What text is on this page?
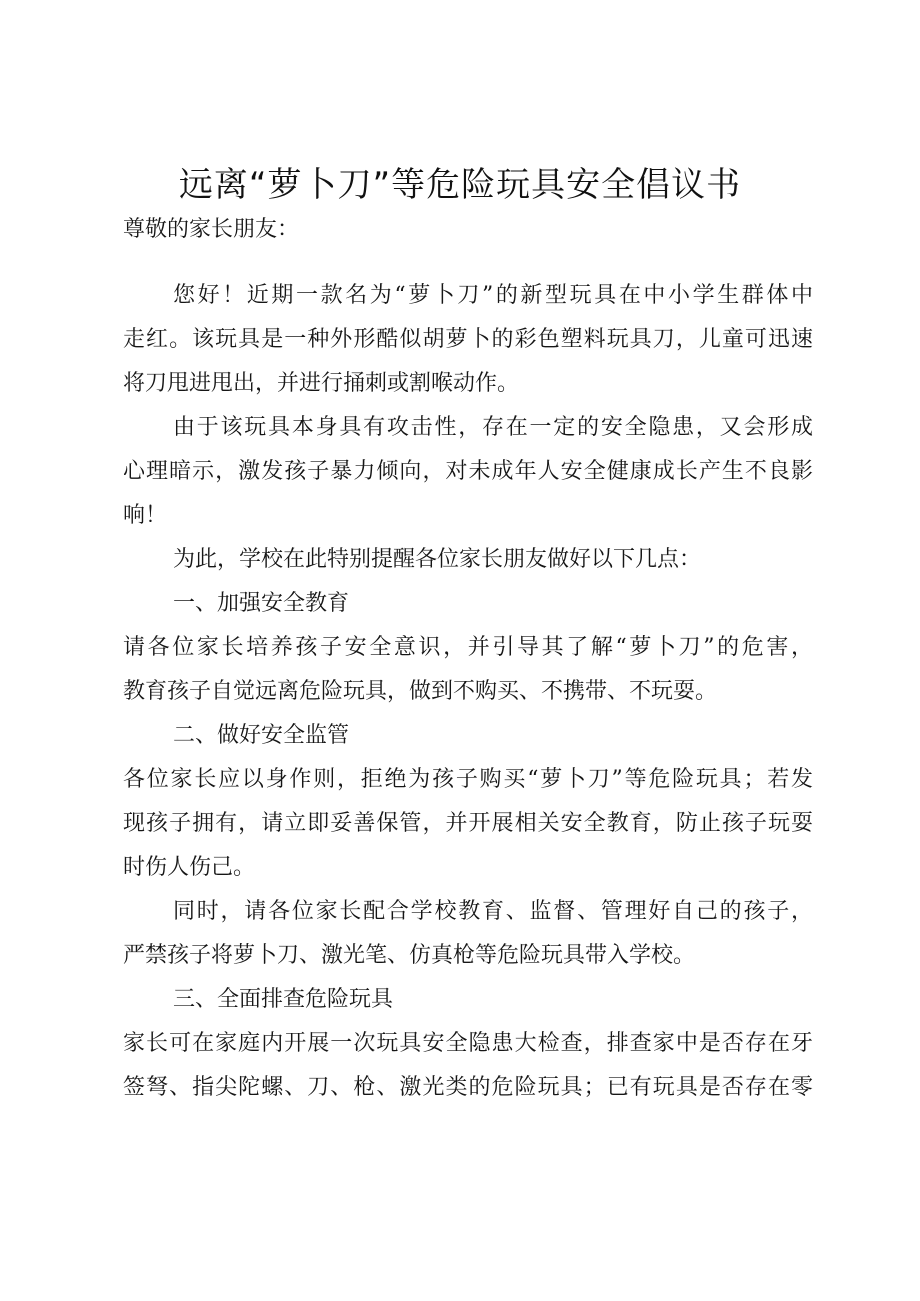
远离“萝卜刀”等危险玩具安全倡议书
尊敬的家长朋友：
您好！近期一款名为“萝卜刀”的新型玩具在中小学生群体中
走红。该玩具是一种外形酷似胡萝卜的彩色塑料玩具刀，儿童可迅速
将刀甩进甩出，并进行捅刺或割喉动作。
由于该玩具本身具有攻击性，存在一定的安全隐患，又会形成
心理暗示，激发孩子暴力倾向，对未成年人安全健康成长产生不良影
响！
为此，学校在此特别提醒各位家长朋友做好以下几点：
一、加强安全教育
请各位家长培养孩子安全意识，并引导其了解“萝卜刀”的危害，
教育孩子自觉远离危险玩具，做到不购买、不携带、不玩耍。
二、做好安全监管
各位家长应以身作则，拒绝为孩子购买“萝卜刀”等危险玩具；若发
现孩子拥有，请立即妥善保管，并开展相关安全教育，防止孩子玩耍
时伤人伤己。
同时，请各位家长配合学校教育、监督、管理好自己的孩子，
严禁孩子将萝卜刀、激光笔、仿真枪等危险玩具带入学校。
三、全面排查危险玩具
家长可在家庭内开展一次玩具安全隐患大检查，排查家中是否存在牙
签弩、指尖陀螺、刀、枪、激光类的危险玩具；已有玩具是否存在零
